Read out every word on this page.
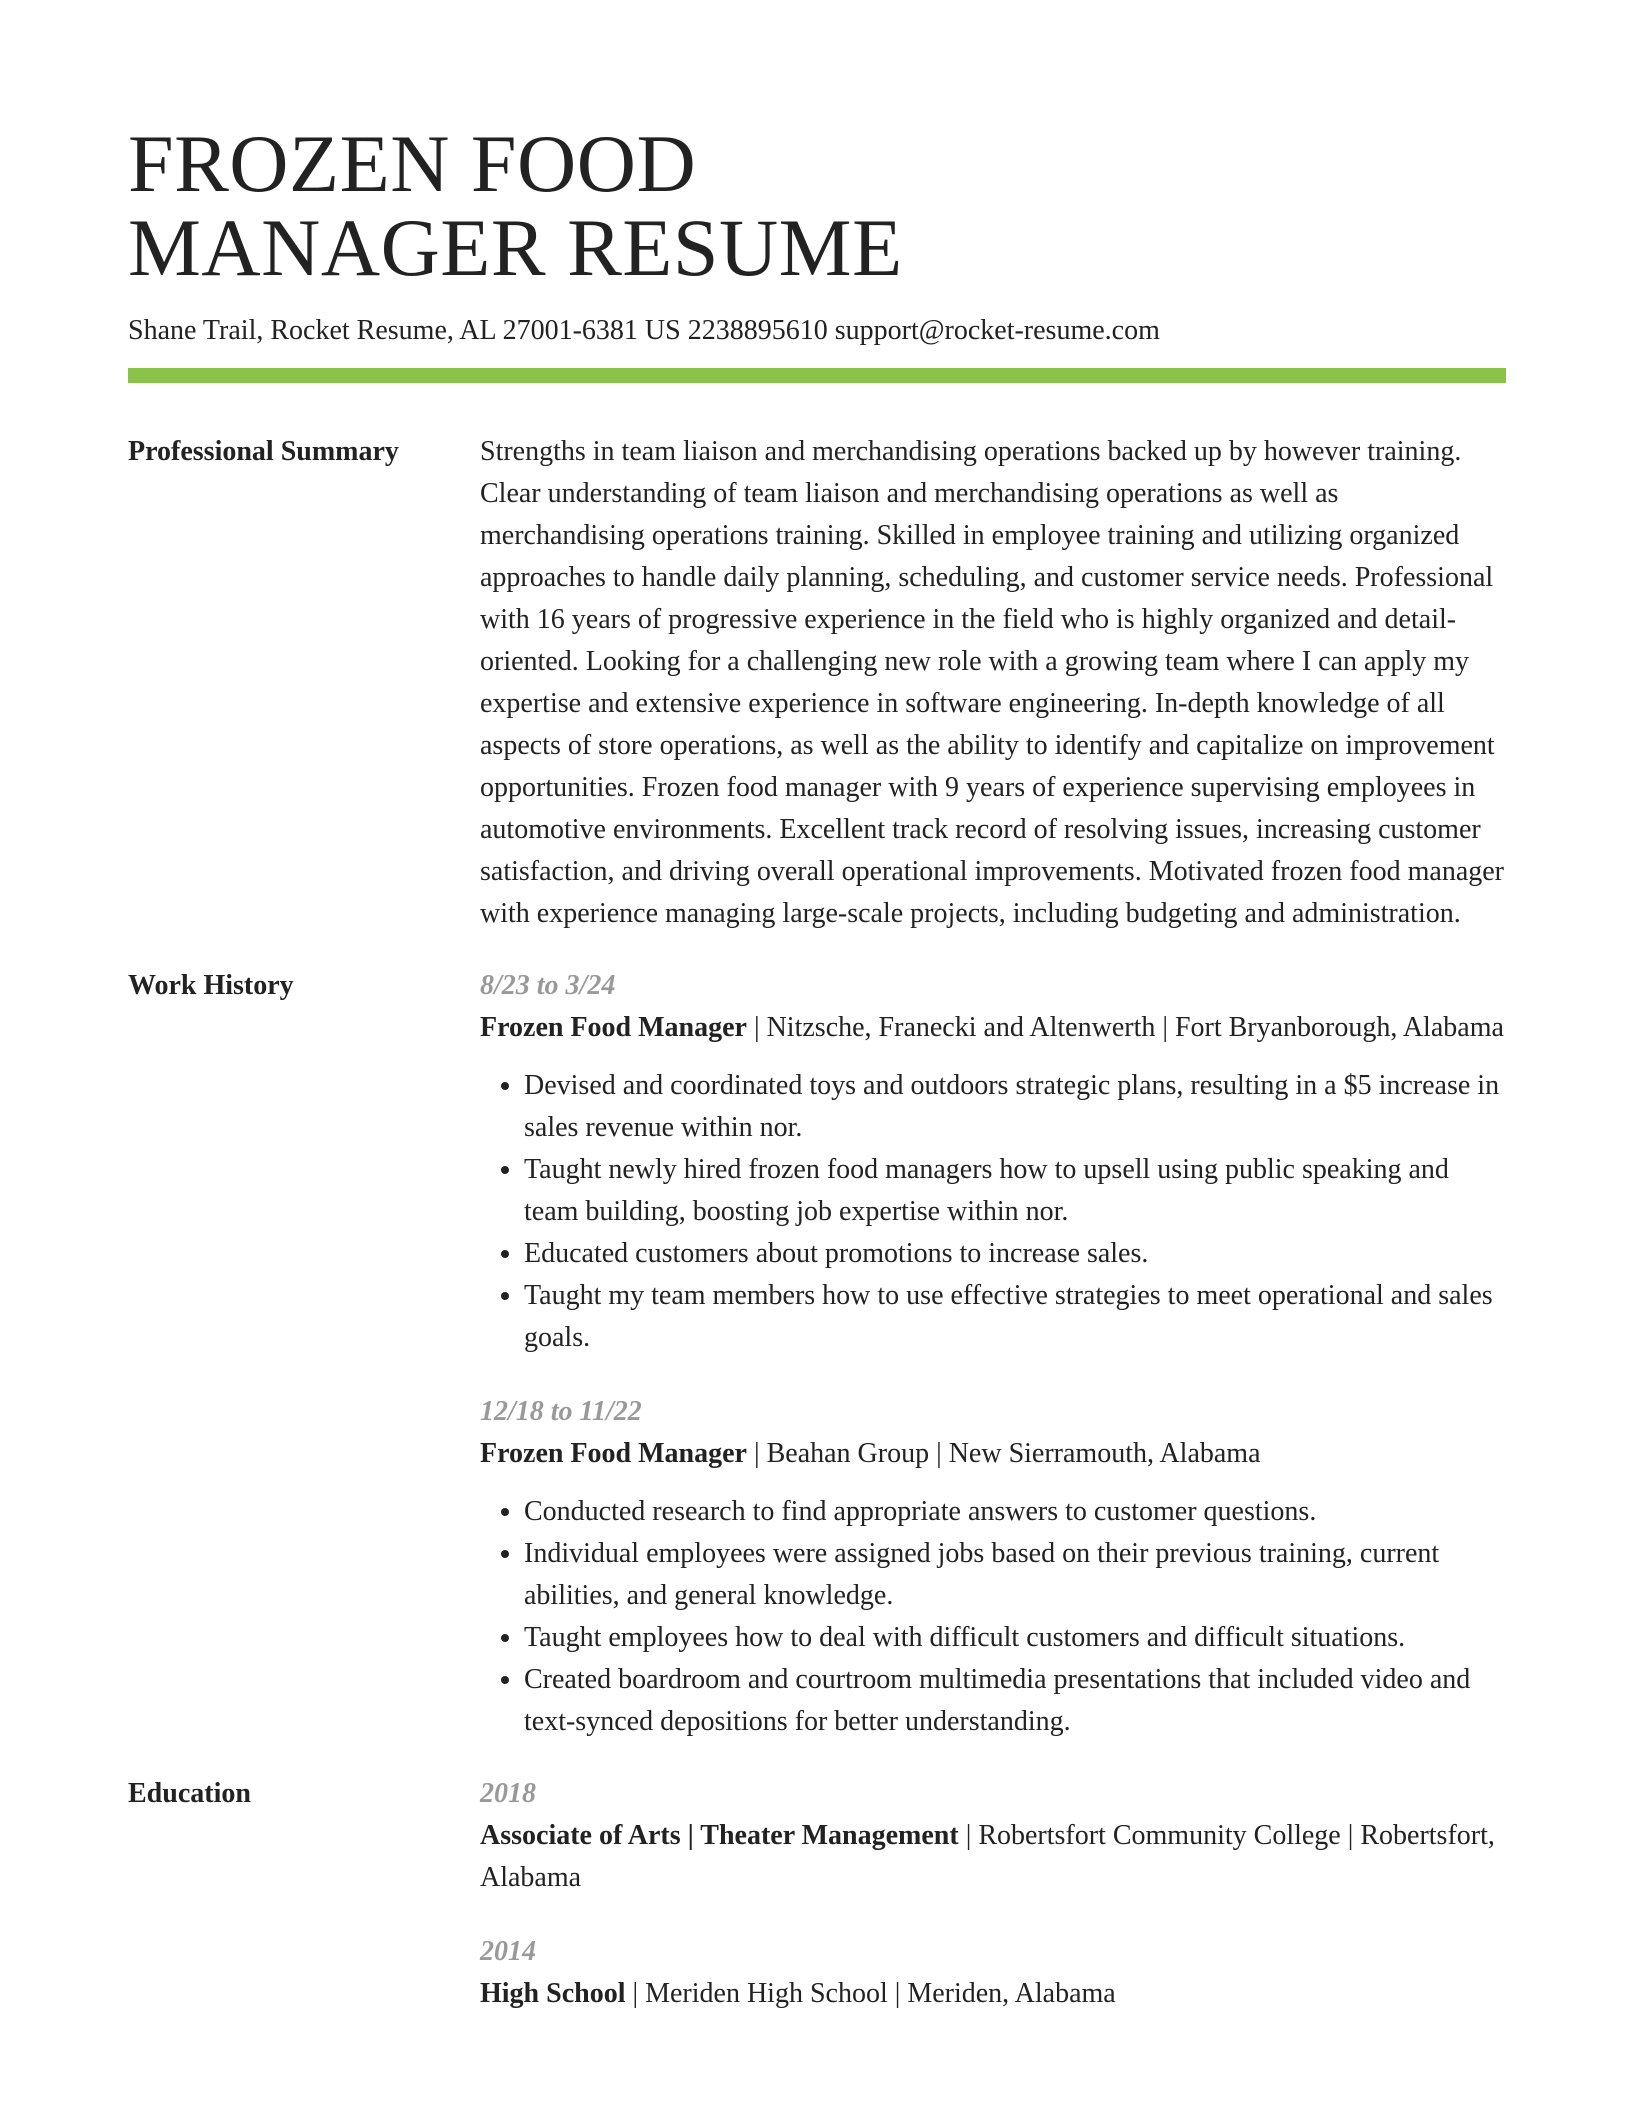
FROZEN FOOD
MANAGER RESUME
Shane Trail, Rocket Resume, AL 27001-6381 US 2238895610 support@rocket-resume.com
Professional Summary	Strengths in team liaison and merchandising operations backed up by however training. Clear understanding of team liaison and merchandising operations as well as merchandising operations training. Skilled in employee training and utilizing organized approaches to handle daily planning, scheduling, and customer service needs. Professional with 16 years of progressive experience in the field who is highly organized and detail-oriented. Looking for a challenging new role with a growing team where I can apply my expertise and extensive experience in software engineering. In-depth knowledge of all aspects of store operations, as well as the ability to identify and capitalize on improvement opportunities. Frozen food manager with 9 years of experience supervising employees in automotive environments. Excellent track record of resolving issues, increasing customer satisfaction, and driving overall operational improvements. Motivated frozen food manager with experience managing large-scale projects, including budgeting and administration.
Work History	8/23 to 3/24
Frozen Food Manager | Nitzsche, Franecki and Altenwerth | Fort Bryanborough, Alabama
• Devised and coordinated toys and outdoors strategic plans, resulting in a $5 increase in sales revenue within nor.
• Taught newly hired frozen food managers how to upsell using public speaking and team building, boosting job expertise within nor.
• Educated customers about promotions to increase sales.
• Taught my team members how to use effective strategies to meet operational and sales goals.
12/18 to 11/22
Frozen Food Manager | Beahan Group | New Sierramouth, Alabama
• Conducted research to find appropriate answers to customer questions.
• Individual employees were assigned jobs based on their previous training, current abilities, and general knowledge.
• Taught employees how to deal with difficult customers and difficult situations.
• Created boardroom and courtroom multimedia presentations that included video and text-synced depositions for better understanding.
Education	2018
Associate of Arts | Theater Management | Robertsfort Community College | Robertsfort, Alabama
2014
High School | Meriden High School | Meriden, Alabama
